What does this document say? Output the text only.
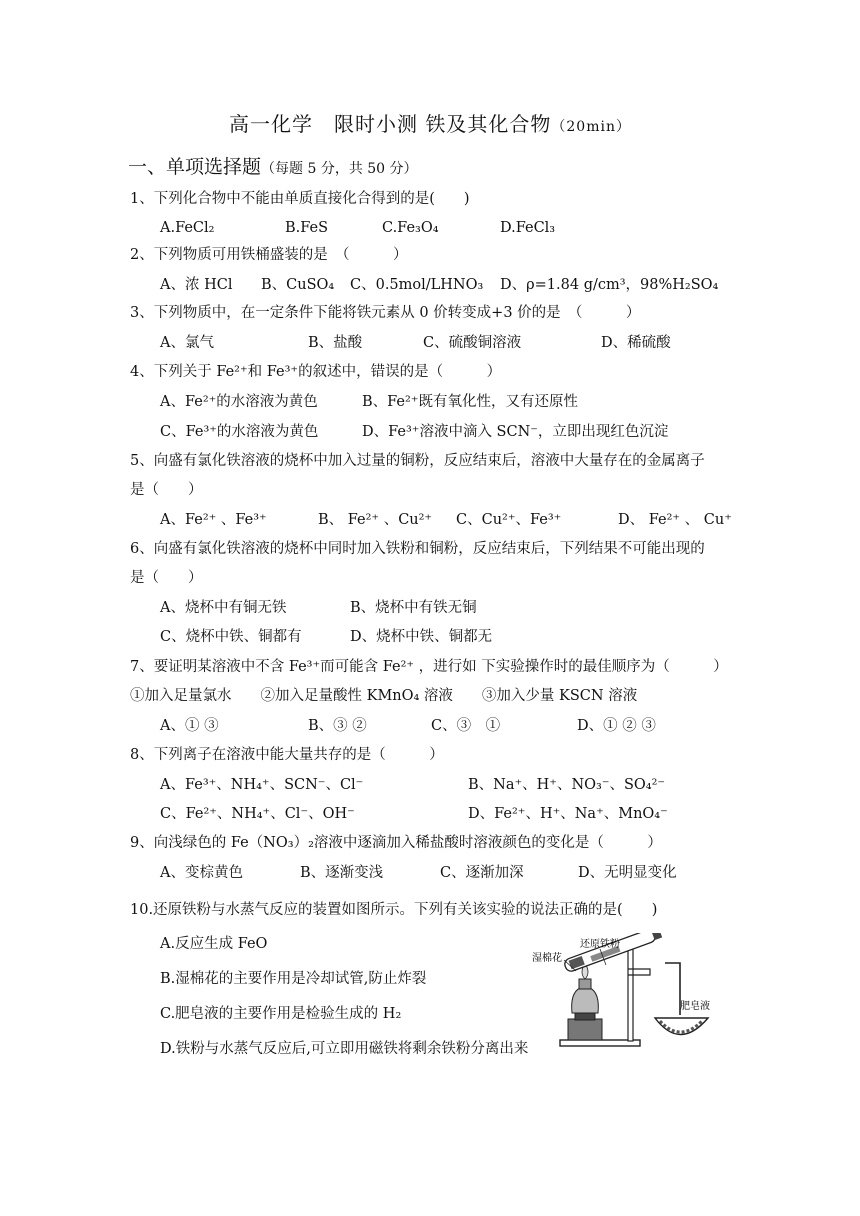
高一化学　限时小测 铁及其化合物（20min）
一、单项选择题（每题 5 分，共 50 分）
1、下列化合物中不能由单质直接化合得到的是(　　)
A.FeCl₂	B.FeS	C.Fe₃O₄	D.FeCl₃
2、下列物质可用铁桶盛装的是　（　　　）
A、浓 HCl B、CuSO₄ C、0.5mol/LHNO₃ D、ρ=1.84 g/cm³，98%H₂SO₄
3、下列物质中，在一定条件下能将铁元素从 0 价转变成+3 价的是　（　　　）
A、氯气	B、盐酸	C、硫酸铜溶液	D、稀硫酸
4、下列关于 Fe²⁺和 Fe³⁺的叙述中，错误的是（　　　）
A、Fe²⁺的水溶液为黄色	B、Fe²⁺既有氧化性，又有还原性
C、Fe³⁺的水溶液为黄色	D、Fe³⁺溶液中滴入 SCN⁻，立即出现红色沉淀
5、向盛有氯化铁溶液的烧杯中加入过量的铜粉，反应结束后，溶液中大量存在的金属离子
是（　　）
A、Fe²⁺ 、Fe³⁺	B、 Fe²⁺ 、Cu²⁺ C、Cu²⁺、Fe³⁺	D、 Fe²⁺ 、 Cu⁺
6、向盛有氯化铁溶液的烧杯中同时加入铁粉和铜粉，反应结束后，下列结果不可能出现的
是（　　）
A、烧杯中有铜无铁	B、烧杯中有铁无铜
C、烧杯中铁、铜都有	D、烧杯中铁、铜都无
7、要证明某溶液中不含 Fe³⁺而可能含 Fe²⁺ ，进行如 下实验操作时的最佳顺序为（　　　）
①加入足量氯水　　②加入足量酸性 KMnO₄ 溶液　　③加入少量 KSCN 溶液
A、① ③	B、③ ②	C、③　①	D、① ② ③
8、下列离子在溶液中能大量共存的是（　　　）
A、Fe³⁺、NH₄⁺、SCN⁻、Cl⁻	B、Na⁺、H⁺、NO₃⁻、SO₄²⁻
C、Fe²⁺、NH₄⁺、Cl⁻、OH⁻	D、Fe²⁺、H⁺、Na⁺、MnO₄⁻
9、向浅绿色的 Fe（NO₃）₂溶液中逐滴加入稀盐酸时溶液颜色的变化是（　　　）
A、变棕黄色	B、逐渐变浅	C、逐渐加深	D、无明显变化
10.还原铁粉与水蒸气反应的装置如图所示。下列有关该实验的说法正确的是(　　)
A.反应生成 FeO
B.湿棉花的主要作用是冷却试管,防止炸裂
C.肥皂液的主要作用是检验生成的 H₂
D.铁粉与水蒸气反应后,可立即用磁铁将剩余铁粉分离出来
湿棉花
还原铁粉
肥皂液
